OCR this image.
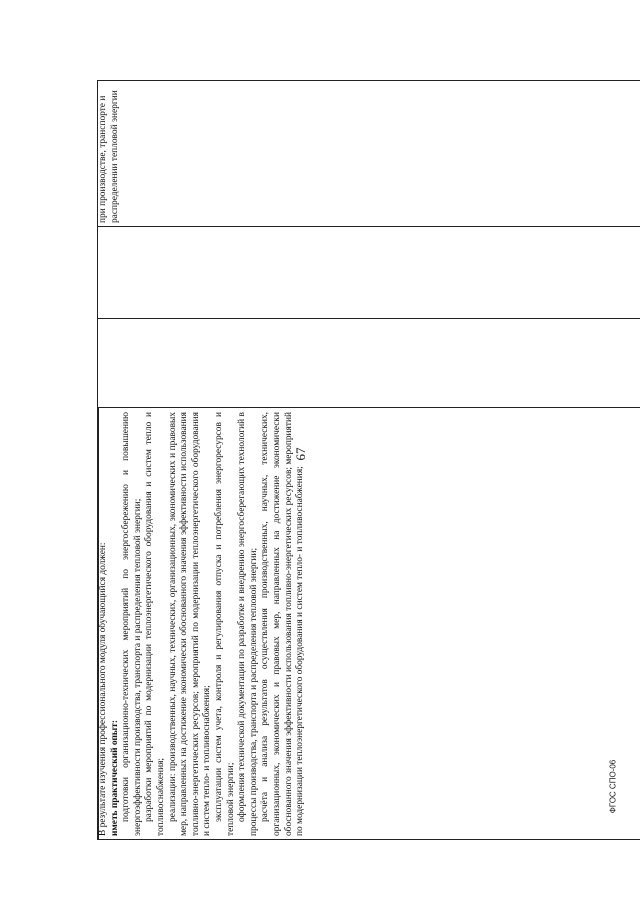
67
ФГОС СПО-06

В результате изучения профессионального модуля обучающийся должен: иметь практический опыт: подготовки организационно-технических мероприятий по энергосбережению и повышению энергоэффективности производства, транспорта и распределения тепловой энергии; разработки мероприятий по модернизации теплоэнергетического оборудования и систем тепло и топливоснабжения; реализации: производственных, научных, технических, организационных, экономических и правовых мер, направленных на достижение экономически обоснованного значения эффективности использования топливно-энергетических ресурсов; мероприятий по модернизации теплоэнергетического оборудования и систем тепло- и топливоснабжения; эксплуатации систем учета, контроля и регулирования отпуска и потребления энергоресурсов и тепловой энергии; оформления технической документации по разработке и внедрению энергосберегающих технологий в процессы производства, транспорта и распределения тепловой энергии; расчёта и анализа результатов осуществления производственных, научных, технических, организационных, экономических и правовых мер, направленных на достижение экономически обоснованного значения эффективности использования топливно-энергетических ресурсов; мероприятий по модернизации теплоэнергетического оборудования и систем тепло- и топливоснабжения;

при производстве, транспорте и распределении тепловой энергии
